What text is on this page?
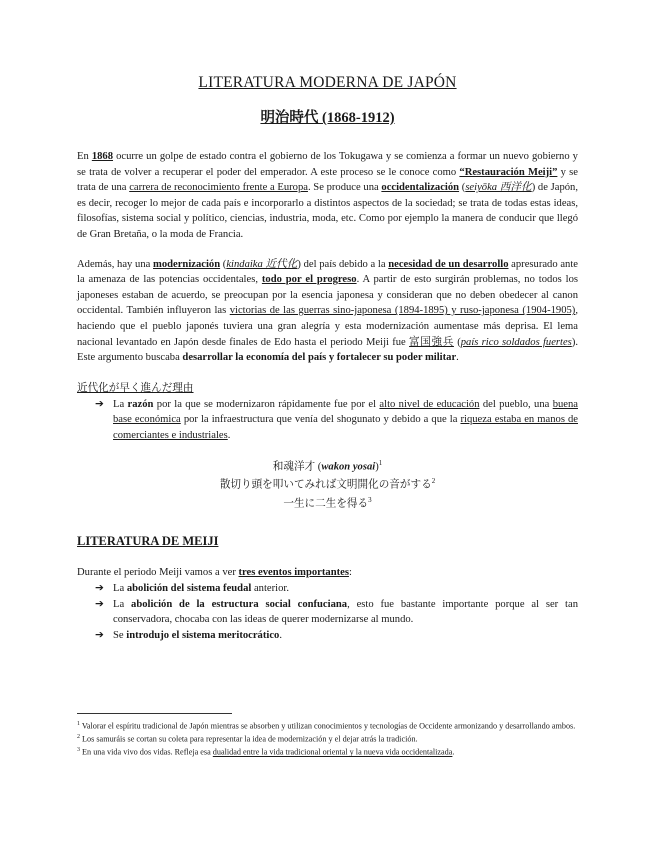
LITERATURA MODERNA DE JAPÓN
明治時代 (1868-1912)

En 1868 ocurre un golpe de estado contra el gobierno de los Tokugawa y se comienza a formar un nuevo gobierno y se trata de volver a recuperar el poder del emperador. A este proceso se le conoce como “Restauración Meiji” y se trata de una carrera de reconocimiento frente a Europa. Se produce una occidentalización (seiyōka 西洋化) de Japón, es decir, recoger lo mejor de cada país e incorporarlo a distintos aspectos de la sociedad; se trata de todas estas ideas, filosofías, sistema social y político, ciencias, industria, moda, etc. Como por ejemplo la manera de conducir que llegó de Gran Bretaña, o la moda de Francia.

Además, hay una modernización (kindaika 近代化) del país debido a la necesidad de un desarrollo apresurado ante la amenaza de las potencias occidentales, todo por el progreso. A partir de esto surgirán problemas, no todos los japoneses estaban de acuerdo, se preocupan por la esencia japonesa y consideran que no deben obedecer al canon occidental. También influyeron las victorias de las guerras sino-japonesa (1894-1895) y ruso-japonesa (1904-1905), haciendo que el pueblo japonés tuviera una gran alegría y esta modernización aumentase más deprisa. El lema nacional levantado en Japón desde finales de Edo hasta el periodo Meiji fue 富国強兵 (país rico soldados fuertes). Este argumento buscaba desarrollar la economía del país y fortalecer su poder militar.

近代化が早く進んだ理由
➔ La razón por la que se modernizaron rápidamente fue por el alto nivel de educación del pueblo, una buena base económica por la infraestructura que venía del shogunato y debido a que la riqueza estaba en manos de comerciantes e industriales.
和魂洋才 (wakon yosai)$^1$
散切り頭を叩いてみれば文明開化の音がする$^2$
一生に二生を得る$^3$
LITERATURA DE MEIJI

Durante el periodo Meiji vamos a ver tres eventos importantes:

➔ La abolición del sistema feudal anterior.
➔ La abolición de la estructura social confuciana, esto fue bastante importante porque al ser tan conservadora, chocaba con las ideas de querer modernizarse al mundo.
➔ Se introdujo el sistema meritocrático.
$^1$ Valorar el espíritu tradicional de Japón mientras se absorben y utilizan conocimientos y tecnologías de Occidente armonizando y desarrollando ambos.
$^2$ Los samuráis se cortan su coleta para representar la idea de modernización y el dejar atrás la tradición.
$^3$ En una vida vivo dos vidas. Refleja esa dualidad entre la vida tradicional oriental y la nueva vida occidentalizada.
